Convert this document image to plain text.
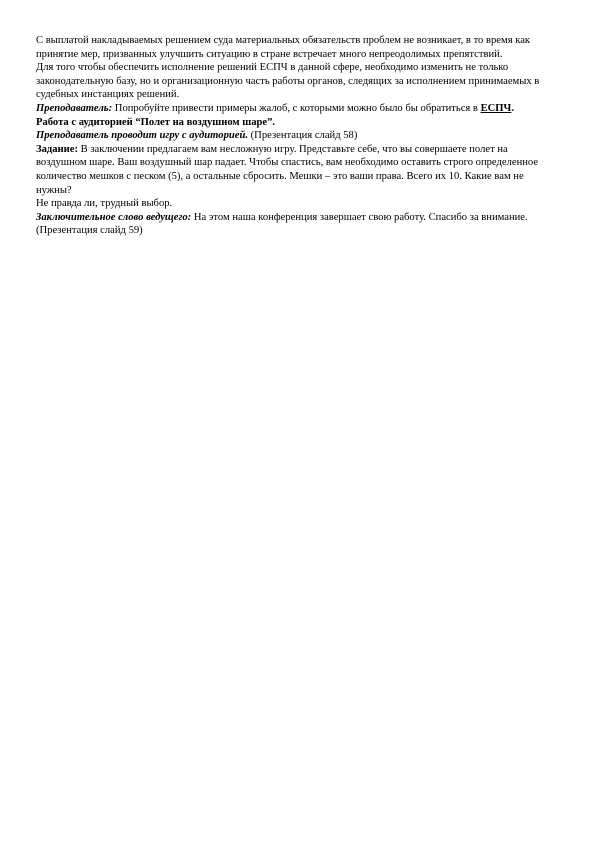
С выплатой накладываемых решением суда материальных обязательств проблем не возникает, в то время как принятие мер, призванных улучшить ситуацию в стране встречает много непреодолимых препятствий.

Для того чтобы обеспечить исполнение решений ЕСПЧ в данной сфере, необходимо изменить не только законодательную базу, но и организационную часть работы органов, следящих за исполнением принимаемых в судебных инстанциях решений.

Преподаватель: Попробуйте привести примеры жалоб, с которыми можно было бы обратиться в ЕСПЧ.

Работа с аудиторией “Полет на воздушном шаре”.

Преподаватель проводит игру с аудиторией. (Презентация слайд 58)

Задание: В заключении предлагаем вам несложную игру. Представьте себе, что вы совершаете полет на воздушном шаре. Ваш воздушный шар падает. Чтобы спастись, вам необходимо оставить строго определенное количество мешков с песком (5), а остальные сбросить. Мешки – это ваши права. Всего их 10. Какие вам не нужны?

Не правда ли, трудный выбор.

Заключительное слово ведущего: На этом наша конференция завершает свою работу. Спасибо за внимание. (Презентация слайд 59)
